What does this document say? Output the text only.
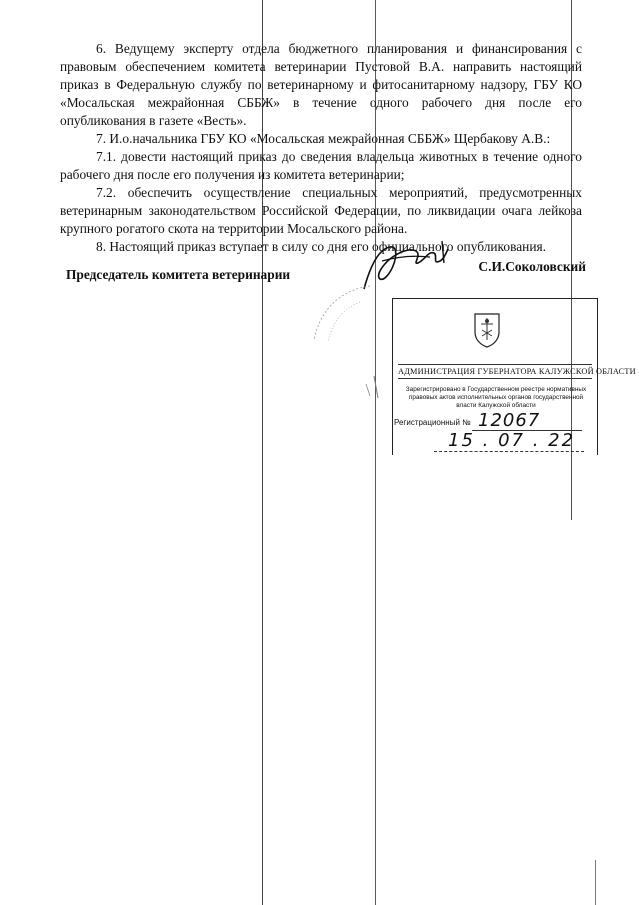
6. Ведущему эксперту отдела бюджетного планирования и финансирования с правовым обеспечением комитета ветеринарии Пустовой В.А. направить настоящий приказ в Федеральную службу по ветеринарному и фитосанитарному надзору, ГБУ КО «Мосальская межрайонная СББЖ» в течение одного рабочего дня после его опубликования в газете «Весть».

7. И.о.начальника ГБУ КО «Мосальская межрайонная СББЖ» Щербакову А.В.:

7.1. довести настоящий приказ до сведения владельца животных в течение одного рабочего дня после его получения из комитета ветеринарии;

7.2. обеспечить осуществление специальных мероприятий, предусмотренных ветеринарным законодательством Российской Федерации, по ликвидации очага лейкоза крупного рогатого скота на территории Мосальского района.

8. Настоящий приказ вступает в силу со дня его официального опубликования.

Председатель комитета ветеринарии
С.И.Соколовский
АДМИНИСТРАЦИЯ ГУБЕРНАТОРА КАЛУЖСКОЙ ОБЛАСТИ
Зарегистрировано в Государственном реестре нормативных правовых актов исполнительных органов государственной власти Калужской области
Регистрационный № 12067
15 . 07 . 22
